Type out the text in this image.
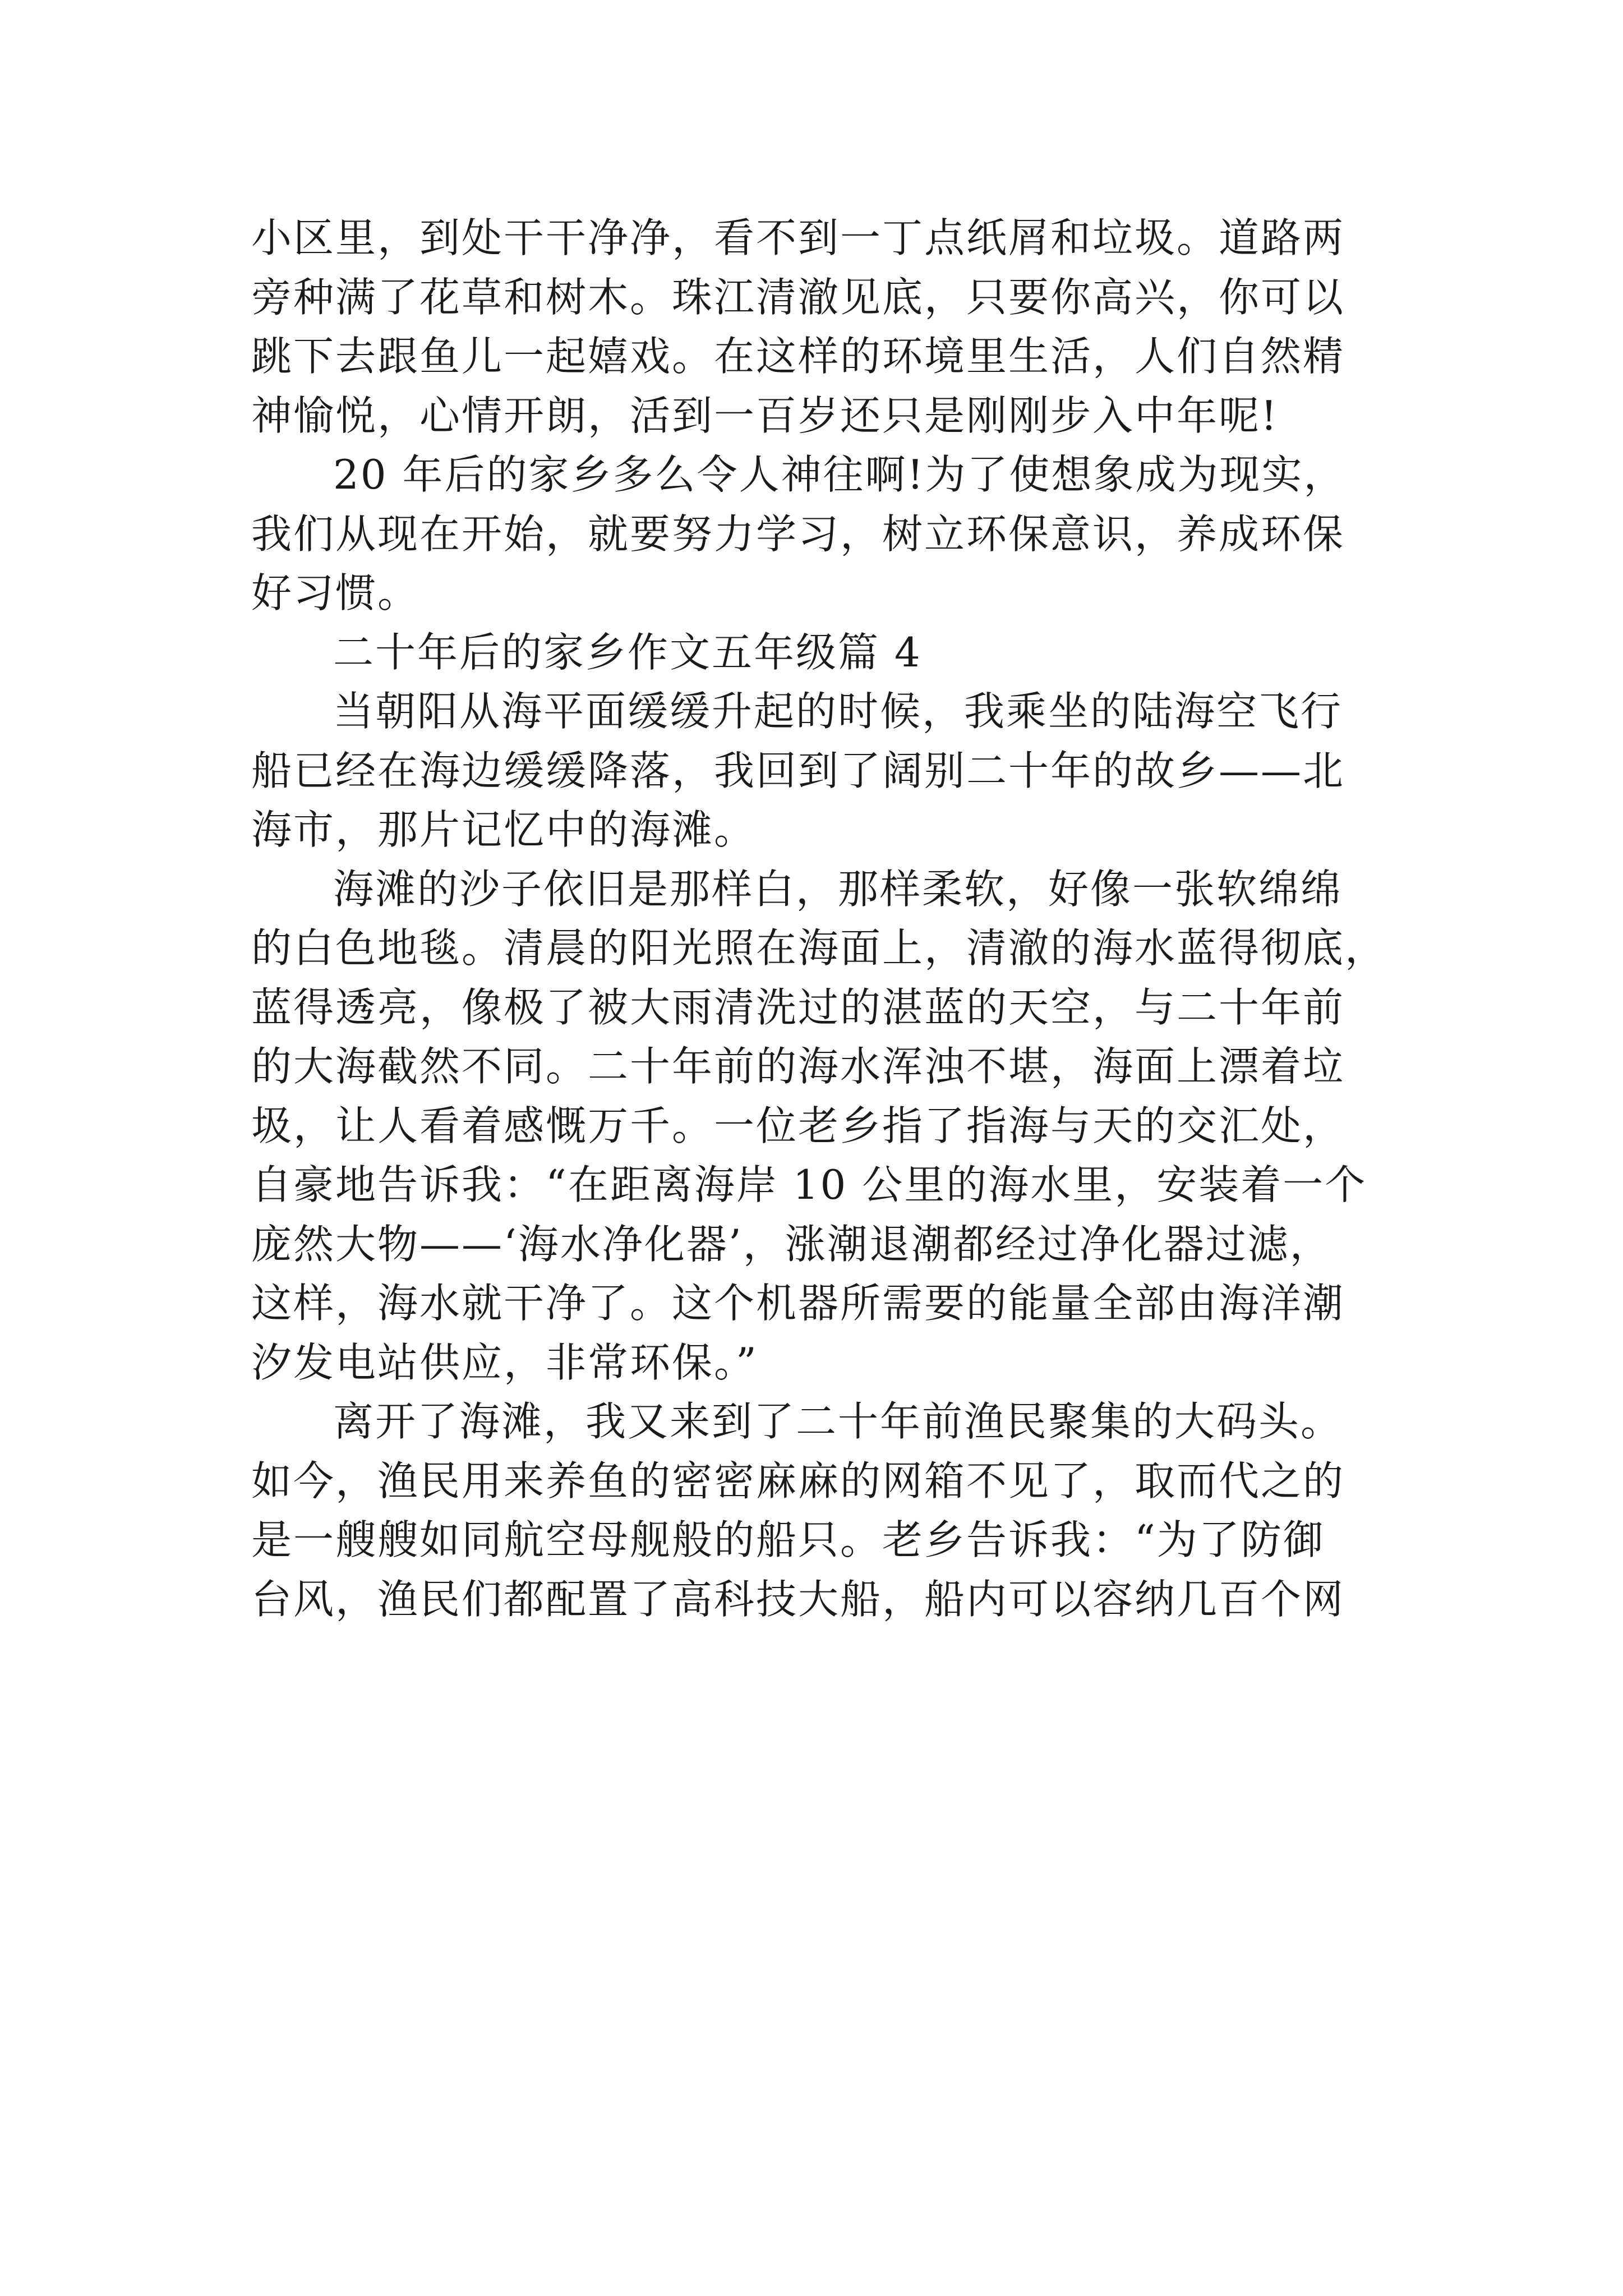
小区里，到处干干净净，看不到一丁点纸屑和垃圾。道路两
旁种满了花草和树木。珠江清澈见底，只要你高兴，你可以
跳下去跟鱼儿一起嬉戏。在这样的环境里生活，人们自然精
神愉悦，心情开朗，活到一百岁还只是刚刚步入中年呢!
20 年后的家乡多么令人神往啊!为了使想象成为现实，
我们从现在开始，就要努力学习，树立环保意识，养成环保
好习惯。
二十年后的家乡作文五年级篇 4
当朝阳从海平面缓缓升起的时候，我乘坐的陆海空飞行
船已经在海边缓缓降落，我回到了阔别二十年的故乡——北
海市，那片记忆中的海滩。
海滩的沙子依旧是那样白，那样柔软，好像一张软绵绵
的白色地毯。清晨的阳光照在海面上，清澈的海水蓝得彻底，
蓝得透亮，像极了被大雨清洗过的湛蓝的天空，与二十年前
的大海截然不同。二十年前的海水浑浊不堪，海面上漂着垃
圾，让人看着感慨万千。一位老乡指了指海与天的交汇处，
自豪地告诉我：“在距离海岸 10 公里的海水里，安装着一个
庞然大物——‘海水净化器’，涨潮退潮都经过净化器过滤，
这样，海水就干净了。这个机器所需要的能量全部由海洋潮
汐发电站供应，非常环保。”
离开了海滩，我又来到了二十年前渔民聚集的大码头。
如今，渔民用来养鱼的密密麻麻的网箱不见了，取而代之的
是一艘艘如同航空母舰般的船只。老乡告诉我：“为了防御
台风，渔民们都配置了高科技大船，船内可以容纳几百个网
